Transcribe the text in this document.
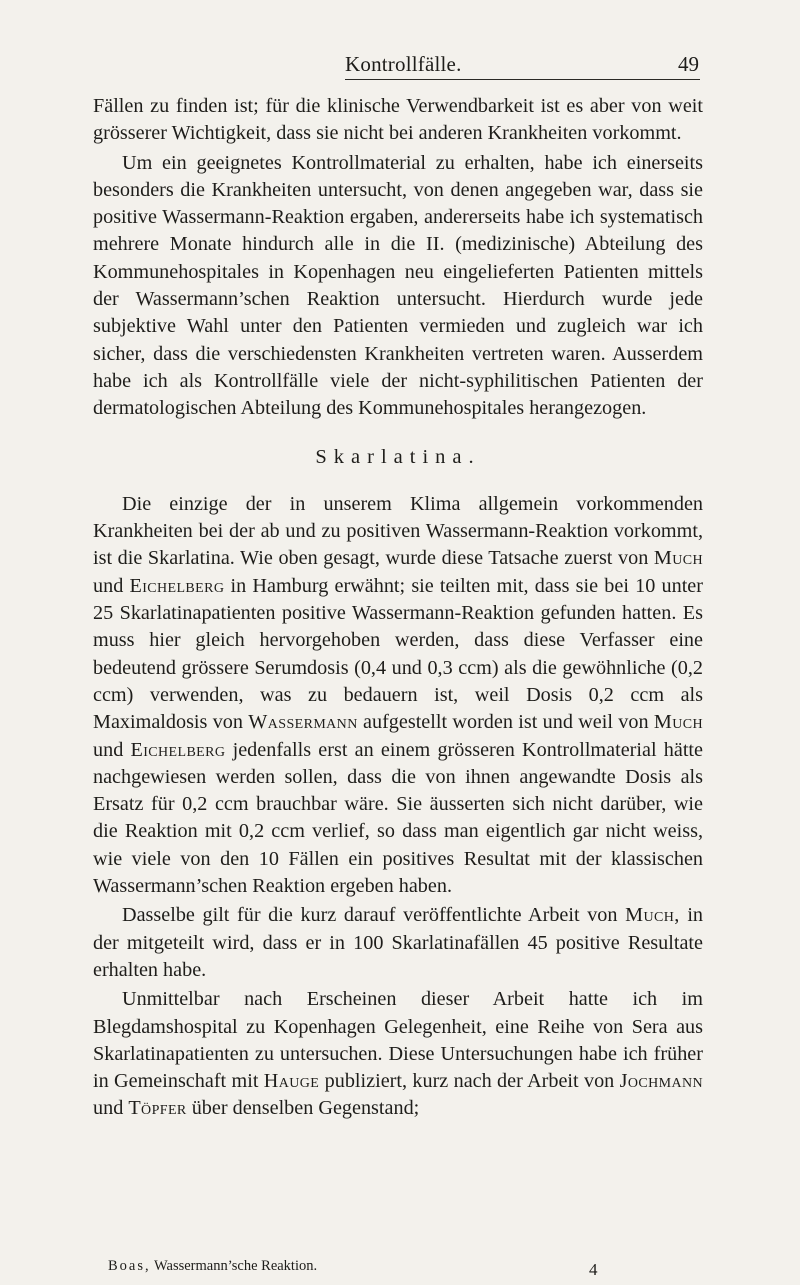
Kontrollfälle.	49

Fällen zu finden ist; für die klinische Verwendbarkeit ist es aber von weit grösserer Wichtigkeit, dass sie nicht bei anderen Krankheiten vorkommt.

Um ein geeignetes Kontrollmaterial zu erhalten, habe ich einerseits besonders die Krankheiten untersucht, von denen angegeben war, dass sie positive Wassermann-Reaktion ergaben, andererseits habe ich systematisch mehrere Monate hindurch alle in die II. (medizinische) Abteilung des Kommunehospitales in Kopenhagen neu eingelieferten Patienten mittels der Wassermann’schen Reaktion untersucht. Hierdurch wurde jede subjektive Wahl unter den Patienten vermieden und zugleich war ich sicher, dass die verschiedensten Krankheiten vertreten waren. Ausserdem habe ich als Kontrollfälle viele der nicht-syphilitischen Patienten der dermatologischen Abteilung des Kommunehospitales herangezogen.

Skarlatina.

Die einzige der in unserem Klima allgemein vorkommenden Krankheiten bei der ab und zu positiven Wassermann-Reaktion vorkommt, ist die Skarlatina. Wie oben gesagt, wurde diese Tatsache zuerst von Much und Eichelberg in Hamburg erwähnt; sie teilten mit, dass sie bei 10 unter 25 Skarlatinapatienten positive Wassermann-Reaktion gefunden hatten. Es muss hier gleich hervorgehoben werden, dass diese Verfasser eine bedeutend grössere Serumdosis (0,4 und 0,3 ccm) als die gewöhnliche (0,2 ccm) verwenden, was zu bedauern ist, weil Dosis 0,2 ccm als Maximaldosis von Wassermann aufgestellt worden ist und weil von Much und Eichelberg jedenfalls erst an einem grösseren Kontrollmaterial hätte nachgewiesen werden sollen, dass die von ihnen angewandte Dosis als Ersatz für 0,2 ccm brauchbar wäre. Sie äusserten sich nicht darüber, wie die Reaktion mit 0,2 ccm verlief, so dass man eigentlich gar nicht weiss, wie viele von den 10 Fällen ein positives Resultat mit der klassischen Wassermann’schen Reaktion ergeben haben.

Dasselbe gilt für die kurz darauf veröffentlichte Arbeit von Much, in der mitgeteilt wird, dass er in 100 Skarlatinafällen 45 positive Resultate erhalten habe.

Unmittelbar nach Erscheinen dieser Arbeit hatte ich im Blegdamshospital zu Kopenhagen Gelegenheit, eine Reihe von Sera aus Skarlatinapatienten zu untersuchen. Diese Untersuchungen habe ich früher in Gemeinschaft mit Hauge publiziert, kurz nach der Arbeit von Jochmann und Töpfer über denselben Gegenstand;

Boas, Wassermann’sche Reaktion.	4
